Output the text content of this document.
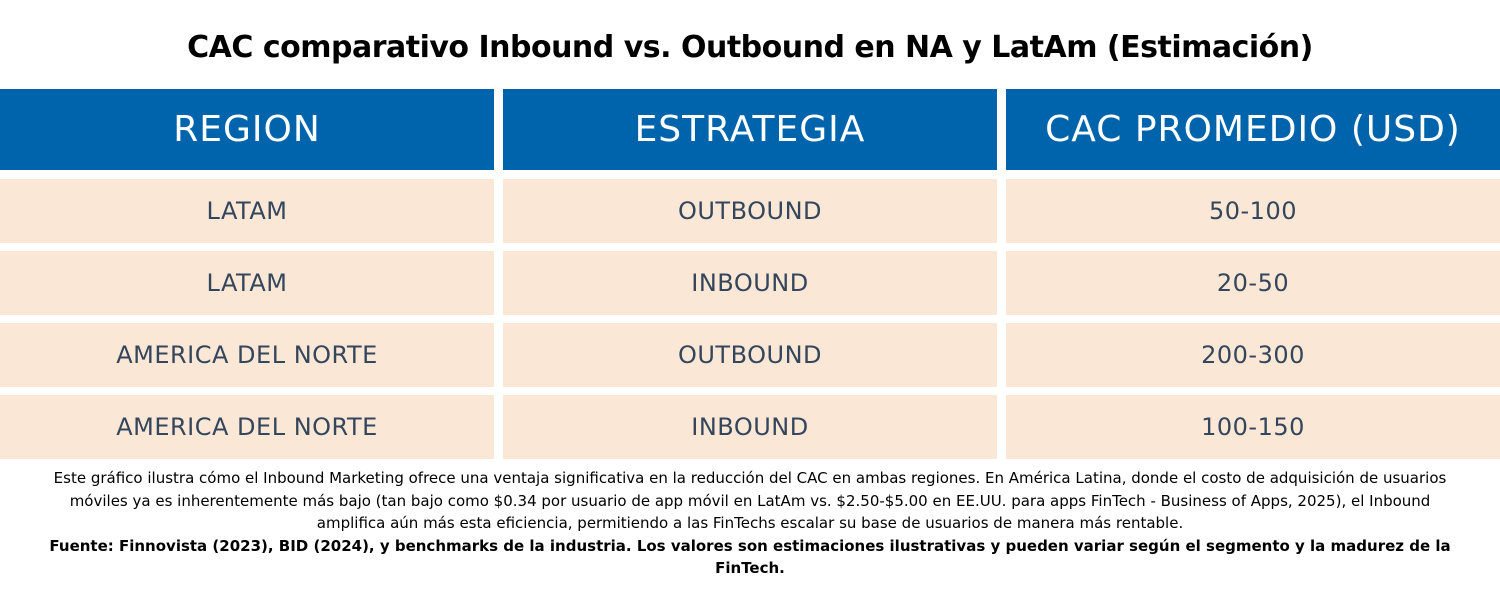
CAC comparativo Inbound vs. Outbound en NA y LatAm (Estimación)
REGION	ESTRATEGIA	CAC PROMEDIO (USD)
LATAM	OUTBOUND	50-100
LATAM	INBOUND	20-50
AMERICA DEL NORTE	OUTBOUND	200-300
AMERICA DEL NORTE	INBOUND	100-150
Este gráfico ilustra cómo el Inbound Marketing ofrece una ventaja significativa en la reducción del CAC en ambas regiones. En América Latina, donde el costo de adquisición de usuarios móviles ya es inherentemente más bajo (tan bajo como $0.34 por usuario de app móvil en LatAm vs. $2.50-$5.00 en EE.UU. para apps FinTech - Business of Apps, 2025), el Inbound amplifica aún más esta eficiencia, permitiendo a las FinTechs escalar su base de usuarios de manera más rentable.
Fuente: Finnovista (2023), BID (2024), y benchmarks de la industria. Los valores son estimaciones ilustrativas y pueden variar según el segmento y la madurez de la FinTech.
